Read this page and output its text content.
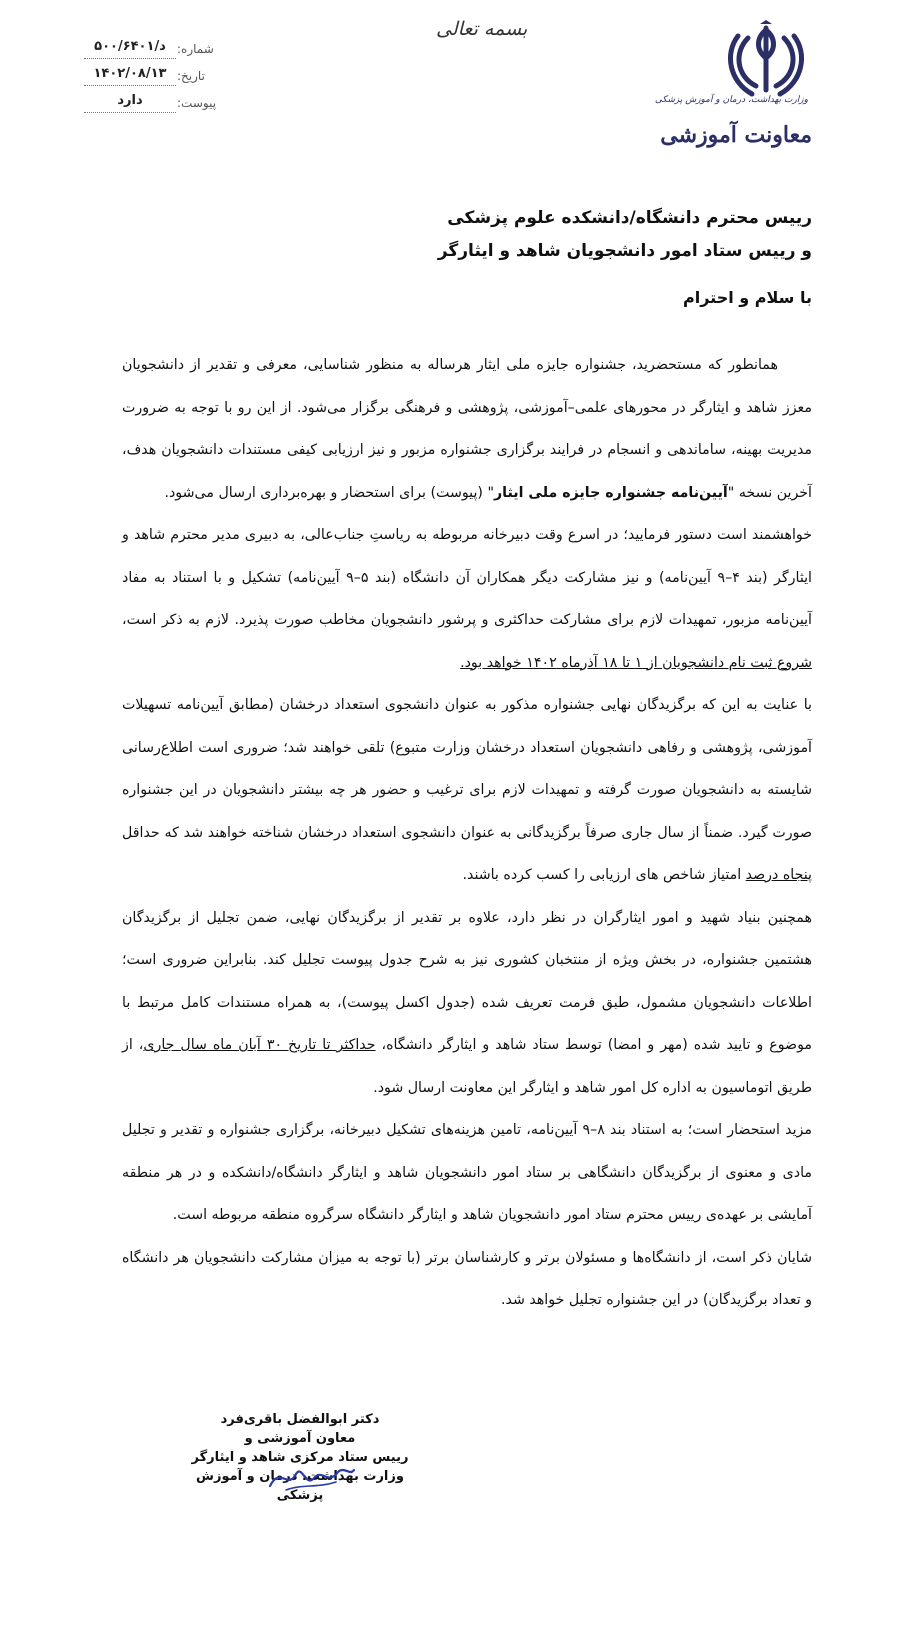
وزارت بهداشت، درمان و آموزش پزشکی
معاونت آموزشی
بسمه تعالی
شماره:
د/۵۰۰/۶۴۰۱
تاریخ:
۱۴۰۲/۰۸/۱۳
پیوست:
دارد
رییس محترم دانشگاه/دانشکده علوم پزشکی
و رییس ستاد امور دانشجویان شاهد و ایثارگر
با سلام و احترام

همانطور که مستحضرید، جشنواره جایزه ملی ایثار هرساله به منظور شناسایی، معرفی و تقدیر از دانشجویان معزز شاهد و ایثارگر در محورهای علمی–آموزشی، پژوهشی و فرهنگی برگزار می‌شود. از این رو با توجه به ضرورت مدیریت بهینه، ساماندهی و انسجام در فرایند برگزاری جشنواره مزبور و نیز ارزیابی کیفی مستندات دانشجویان هدف، آخرین نسخه "آیین‌نامه جشنواره جایزه ملی ایثار" (پیوست) برای استحضار و بهره‌برداری ارسال می‌شود.

خواهشمند است دستور فرمایید؛ در اسرع وقت دبیرخانه مربوطه به ریاستِ جناب‌عالی، به دبیری مدیر محترم شاهد و ایثارگر (بند ۴–۹ آیین‌نامه) و نیز مشارکت دیگر همکاران آن دانشگاه (بند ۵–۹ آیین‌نامه) تشکیل و با استناد به مفاد آیین‌نامه مزبور، تمهیدات لازم برای مشارکت حداکثری و پرشور دانشجویان مخاطب صورت پذیرد. لازم به ذکر است، شروع ثبت نام دانشجویان از ۱ تا ۱۸ آذرماه ۱۴۰۲ خواهد بود.

با عنایت به این که برگزیدگان نهایی جشنواره مذکور به عنوان دانشجوی استعداد درخشان (مطابق آیین‌نامه تسهیلات آموزشی، پژوهشی و رفاهی دانشجویان استعداد درخشان وزارت متبوع) تلقی خواهند شد؛ ضروری است اطلاع‌رسانی شایسته به دانشجویان صورت گرفته و تمهیدات لازم برای ترغیب و حضور هر چه بیشتر دانشجویان در این جشنواره صورت گیرد. ضمناً از سال جاری صرفاً برگزیدگانی به عنوان دانشجوی استعداد درخشان شناخته خواهند شد که حداقل پنجاه درصد امتیاز شاخص های ارزیابی را کسب کرده باشند.

همچنین بنیاد شهید و امور ایثارگران در نظر دارد، علاوه بر تقدیر از برگزیدگان نهایی، ضمن تجلیل از برگزیدگان هشتمین جشنواره، در بخش ویژه از منتخبان کشوری نیز به شرح جدول پیوست تجلیل کند. بنابراین ضروری است؛ اطلاعات دانشجویان مشمول، طبق فرمت تعریف شده (جدول اکسل پیوست)، به همراه مستندات کامل مرتبط با موضوع و تایید شده (مهر و امضا) توسط ستاد شاهد و ایثارگر دانشگاه، حداکثر تا تاریخ ۳۰ آبان ماه سال جاری، از طریق اتوماسیون به اداره کل امور شاهد و ایثارگر این معاونت ارسال شود.

مزید استحضار است؛ به استناد بند ۸–۹ آیین‌نامه، تامین هزینه‌های تشکیل دبیرخانه، برگزاری جشنواره و تقدیر و تجلیل مادی و معنوی از برگزیدگان دانشگاهی بر ستاد امور دانشجویان شاهد و ایثارگر دانشگاه/دانشکده و در هر منطقه آمایشی بر عهده‌ی رییس محترم ستاد امور دانشجویان شاهد و ایثارگر دانشگاه سرگروه منطقه مربوطه است.

شایان ذکر است، از دانشگاه‌ها و مسئولان برتر و کارشناسان برتر (با توجه به میزان مشارکت دانشجویان هر دانشگاه و تعداد برگزیدگان) در این جشنواره تجلیل خواهد شد.

دکتر ابوالفضل باقری‌فرد
معاون آموزشی و
رییس ستاد مرکزی شاهد و ایثارگر
وزارت بهداشت، درمان و آموزش پزشکی
